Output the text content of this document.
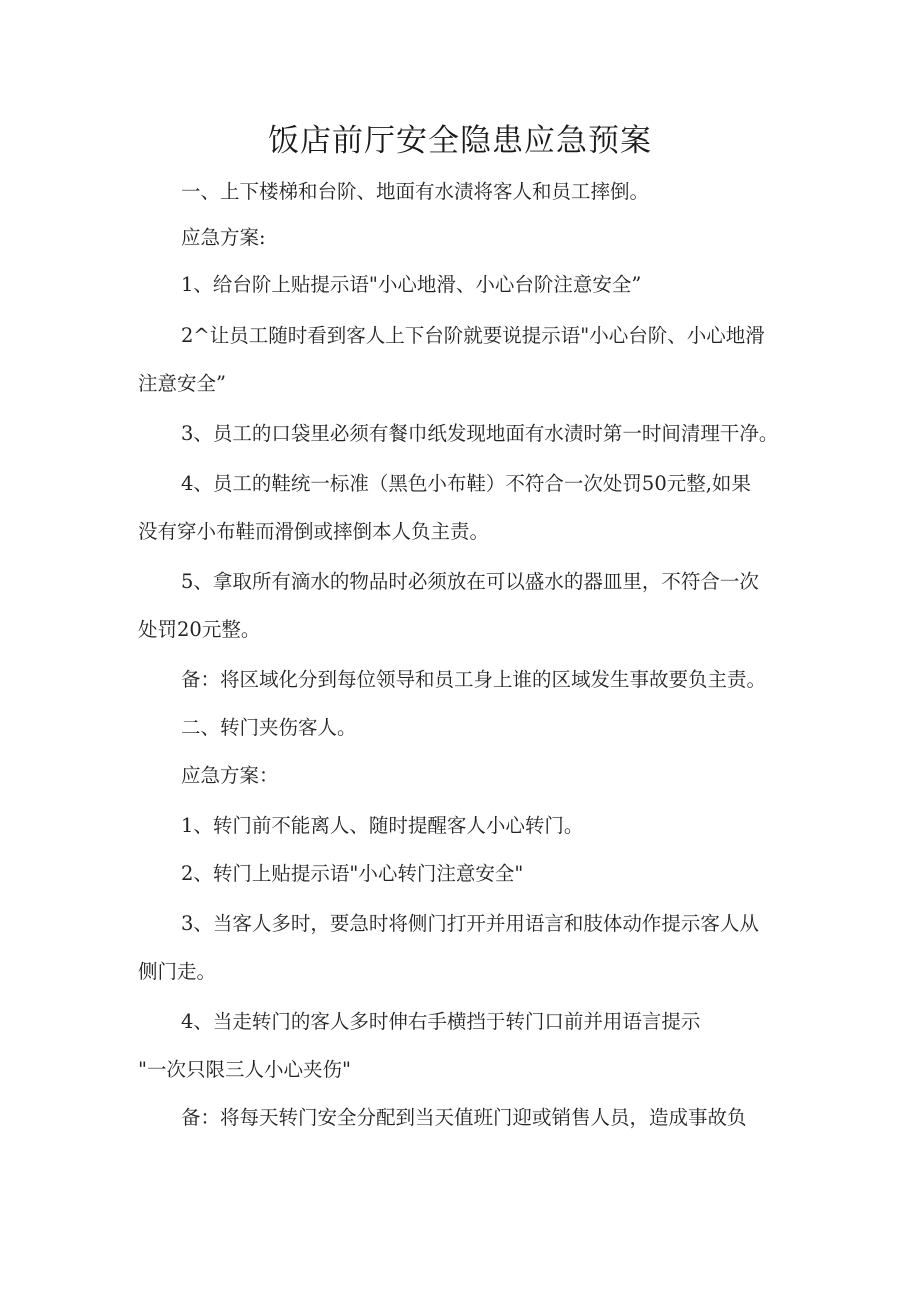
饭店前厅安全隐患应急预案

一、上下楼梯和台阶、地面有水渍将客人和员工摔倒。

应急方案:

1、给台阶上贴提示语"小心地滑、小心台阶注意安全”

2^让员工随时看到客人上下台阶就要说提示语"小心台阶、小心地滑

注意安全”

3、员工的口袋里必须有餐巾纸发现地面有水渍时第一时间清理干净。

4、员工的鞋统一标准（黑色小布鞋）不符合一次处罚50元整,如果

没有穿小布鞋而滑倒或摔倒本人负主责。

5、拿取所有滴水的物品时必须放在可以盛水的器皿里，不符合一次

处罚20元整。

备：将区域化分到每位领导和员工身上谁的区域发生事故要负主责。

二、转门夹伤客人。

应急方案：

1、转门前不能离人、随时提醒客人小心转门。

2、转门上贴提示语"小心转门注意安全"

3、当客人多时，要急时将侧门打开并用语言和肢体动作提示客人从

侧门走。

4、当走转门的客人多时伸右手横挡于转门口前并用语言提示

"一次只限三人小心夹伤"

备：将每天转门安全分配到当天值班门迎或销售人员，造成事故负
